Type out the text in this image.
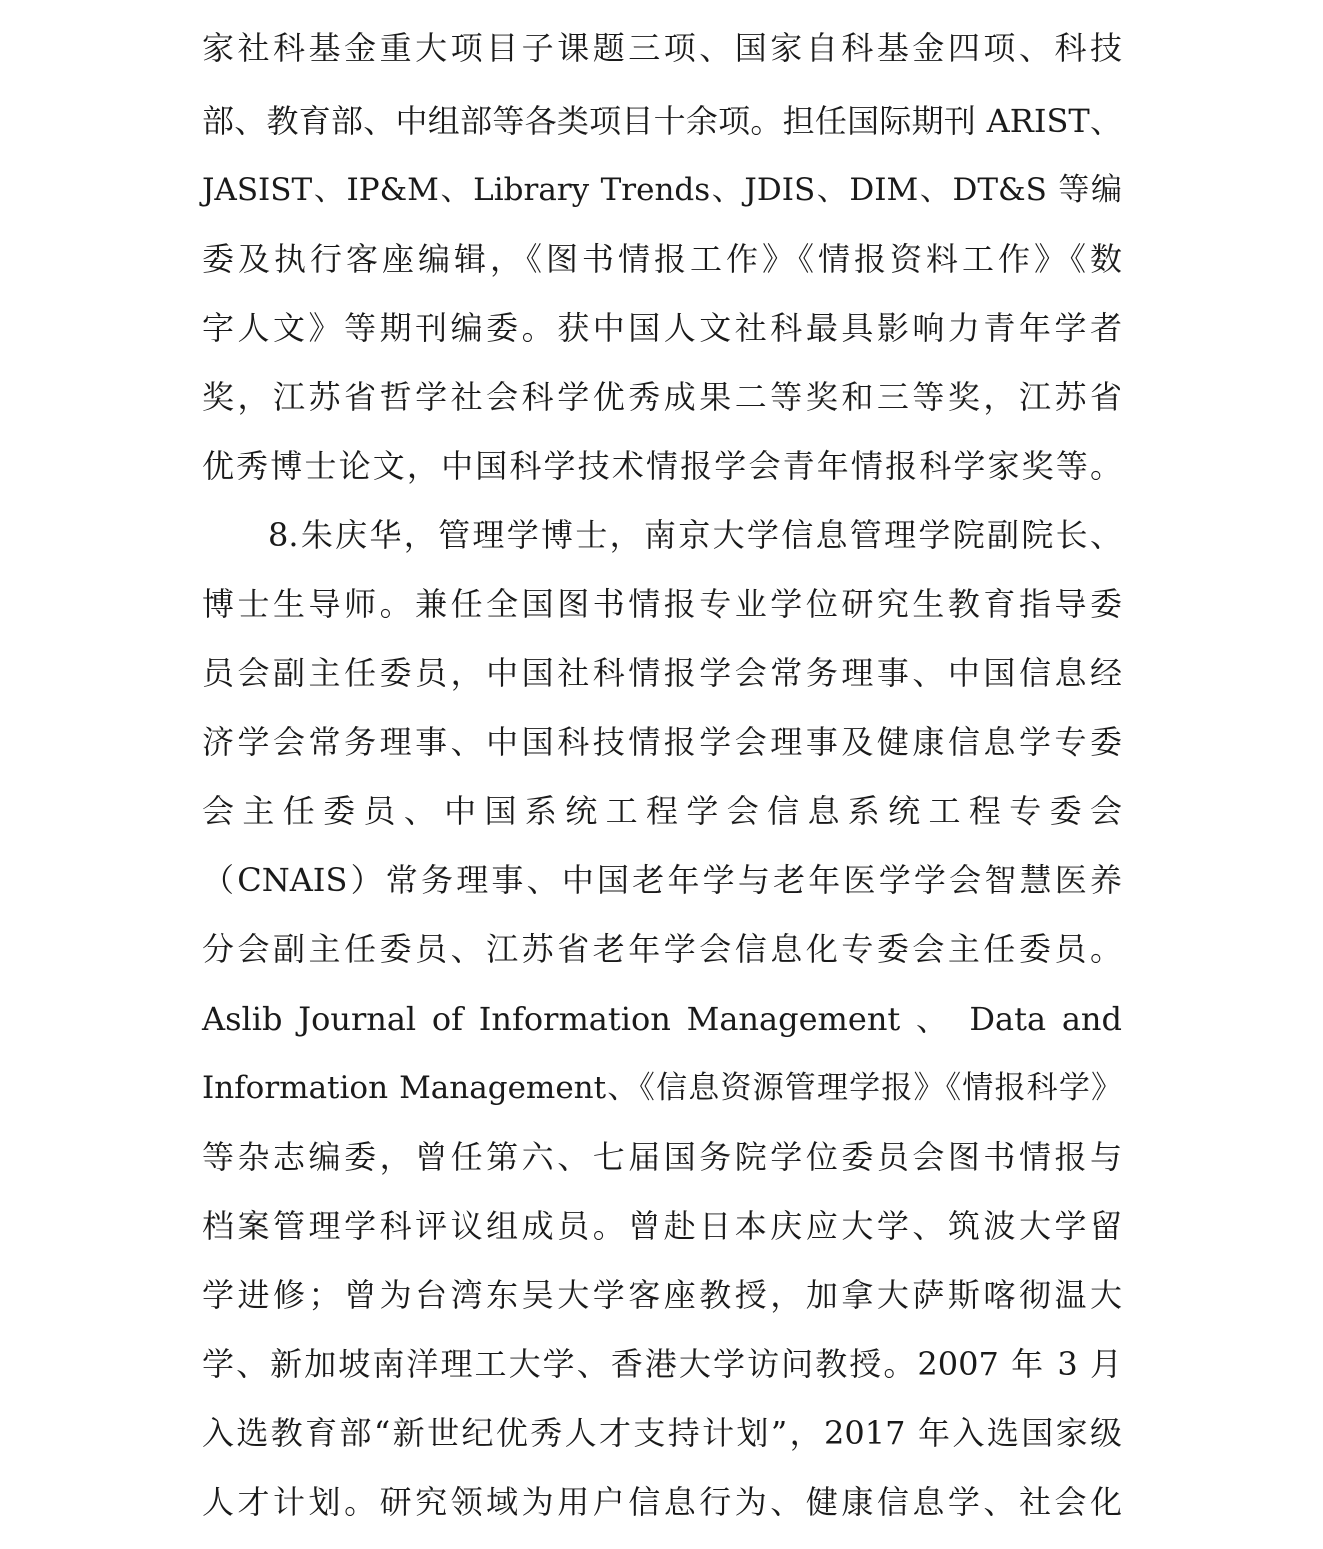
家社科基金重大项目子课题三项、国家自科基金四项、科技
部、教育部、中组部等各类项目十余项。担任国际期刊 ARIST、
JASIST、IP&M、Library Trends、JDIS、DIM、DT&S 等编
委及执行客座编辑，《图书情报工作》《情报资料工作》《数
字人文》等期刊编委。获中国人文社科最具影响力青年学者
奖，江苏省哲学社会科学优秀成果二等奖和三等奖，江苏省
优秀博士论文，中国科学技术情报学会青年情报科学家奖等。
8.朱庆华，管理学博士，南京大学信息管理学院副院长、
博士生导师。兼任全国图书情报专业学位研究生教育指导委
员会副主任委员，中国社科情报学会常务理事、中国信息经
济学会常务理事、中国科技情报学会理事及健康信息学专委
会主任委员、中国系统工程学会信息系统工程专委会
（CNAIS）常务理事、中国老年学与老年医学学会智慧医养
分会副主任委员、江苏省老年学会信息化专委会主任委员。
Aslib Journal of Information Management 、 Data and
Information Management、《信息资源管理学报》《情报科学》
等杂志编委，曾任第六、七届国务院学位委员会图书情报与
档案管理学科评议组成员。曾赴日本庆应大学、筑波大学留
学进修；曾为台湾东吴大学客座教授，加拿大萨斯喀彻温大
学、新加坡南洋理工大学、香港大学访问教授。2007 年 3 月
入选教育部“新世纪优秀人才支持计划”，2017 年入选国家级
人才计划。研究领域为用户信息行为、健康信息学、社会化
